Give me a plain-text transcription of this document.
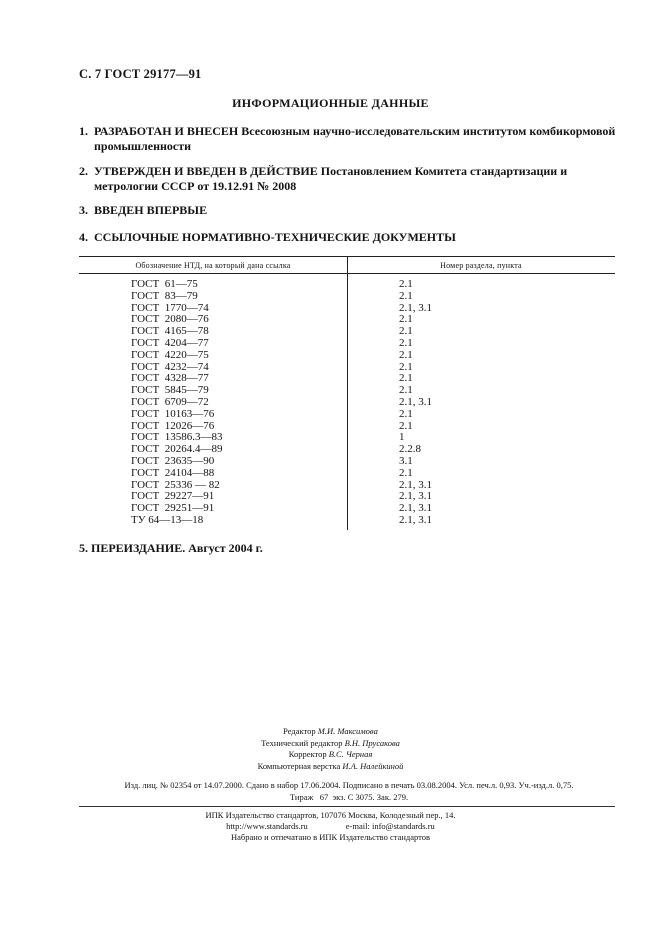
С. 7 ГОСТ 29177—91
ИНФОРМАЦИОННЫЕ ДАННЫЕ
1. РАЗРАБОТАН И ВНЕСЕН Всесоюзным научно-исследовательским институтом комбикормовой промышленности
2. УТВЕРЖДЕН И ВВЕДЕН В ДЕЙСТВИЕ Постановлением Комитета стандартизации и метрологии СССР от 19.12.91 № 2008
3. ВВЕДЕН ВПЕРВЫЕ
4. ССЫЛОЧНЫЕ НОРМАТИВНО-ТЕХНИЧЕСКИЕ ДОКУМЕНТЫ
Обозначение НТД, на который дана ссылка	Номер раздела, пункта
ГОСТ  61—75	2.1
ГОСТ  83—79	2.1
ГОСТ  1770—74	2.1, 3.1
ГОСТ  2080—76	2.1
ГОСТ  4165—78	2.1
ГОСТ  4204—77	2.1
ГОСТ  4220—75	2.1
ГОСТ  4232—74	2.1
ГОСТ  4328—77	2.1
ГОСТ  5845—79	2.1
ГОСТ  6709—72	2.1, 3.1
ГОСТ  10163—76	2.1
ГОСТ  12026—76	2.1
ГОСТ  13586.3—83	1
ГОСТ  20264.4—89	2.2.8
ГОСТ  23635—90	3.1
ГОСТ  24104—88	2.1
ГОСТ  25336 — 82	2.1, 3.1
ГОСТ  29227—91	2.1, 3.1
ГОСТ  29251—91	2.1, 3.1
ТУ 64—13—18	2.1, 3.1
5. ПЕРЕИЗДАНИЕ. Август 2004 г.
Редактор М.И. Максимова
Технический редактор В.Н. Прусакова
Корректор В.С. Черная
Компьютерная верстка И.А. Налейкиной
Изд. лиц. № 02354 от 14.07.2000. Сдано в набор 17.06.2004. Подписано в печать 03.08.2004. Усл. печ.л. 0,93. Уч.-изд.л. 0,75.
Тираж   67  экз. С 3075. Зак. 279.
ИПК Издательство стандартов, 107076 Москва, Колодезный пер., 14.
http://www.standards.ru	e-mail: info@standards.ru
Набрано и отпечатано в ИПК Издательство стандартов
